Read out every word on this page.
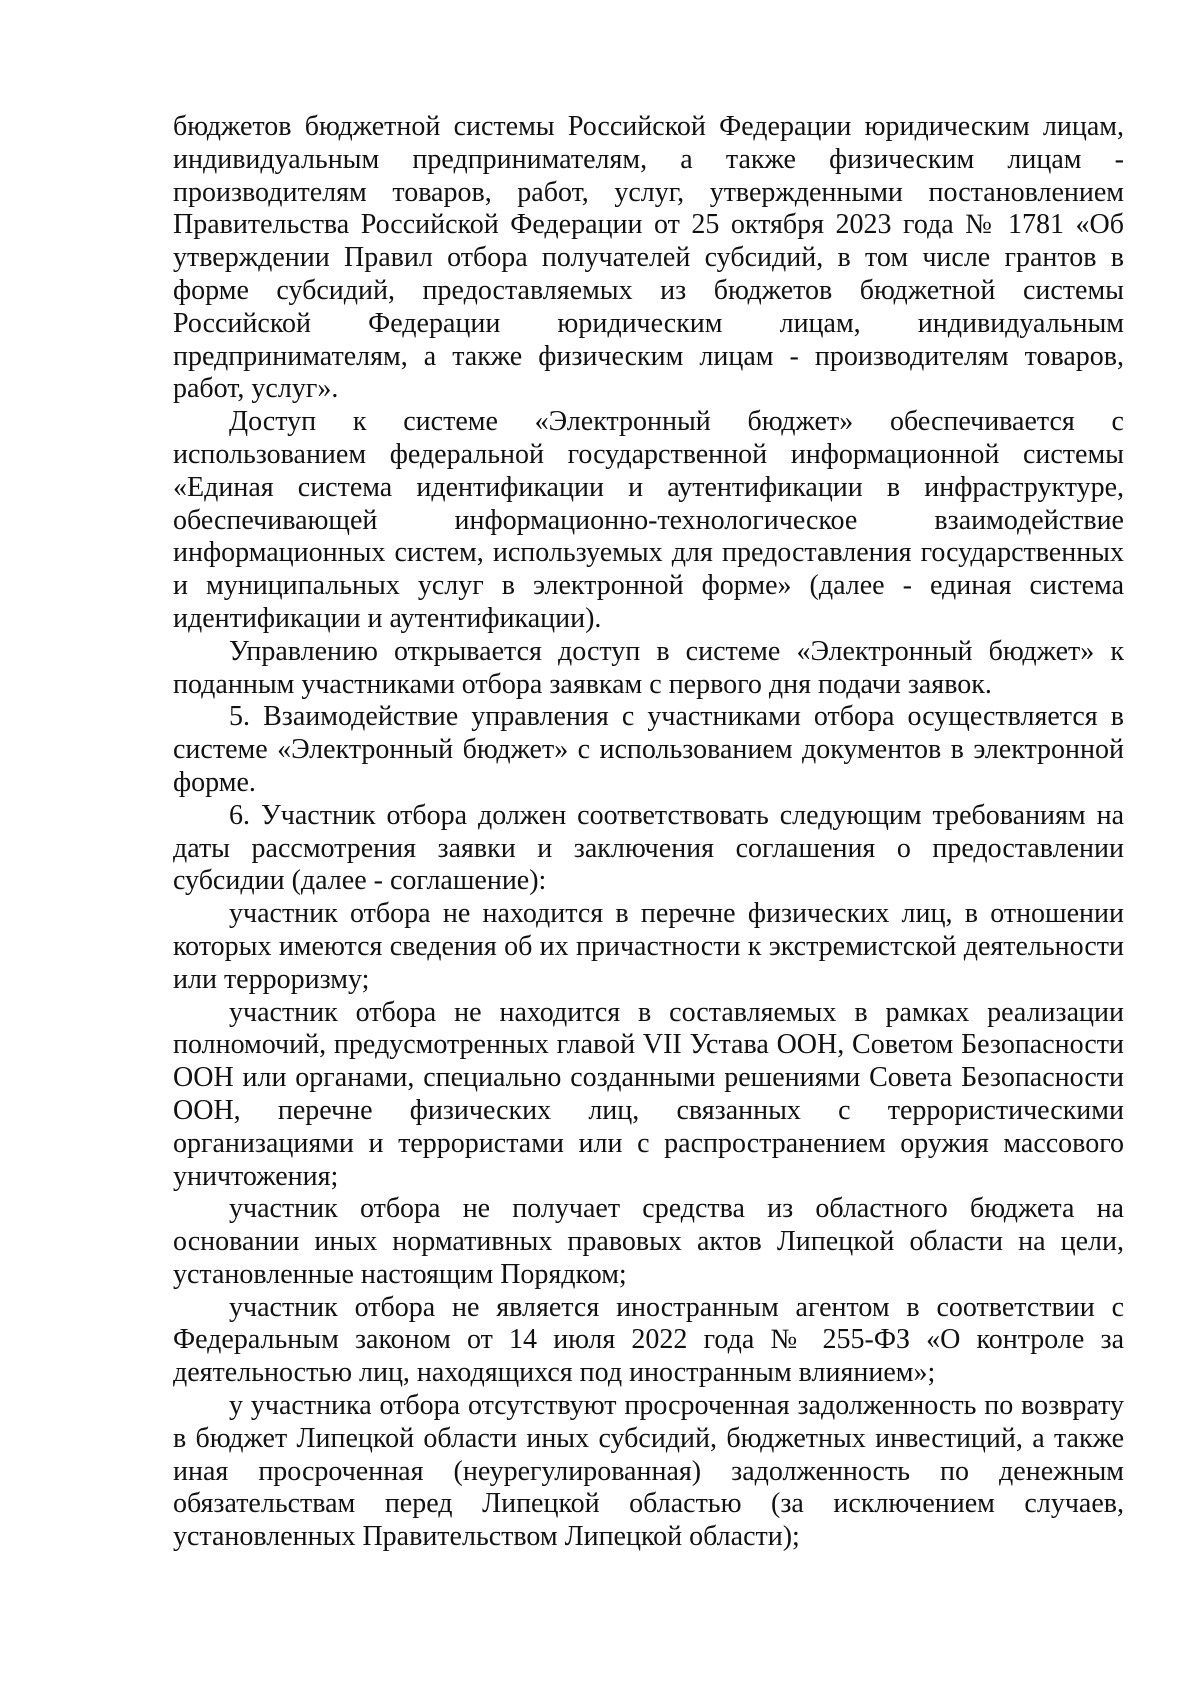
бюджетов бюджетной системы Российской Федерации юридическим лицам, индивидуальным предпринимателям, а также физическим лицам - производителям товаров, работ, услуг, утвержденными постановлением Правительства Российской Федерации от 25 октября 2023 года № 1781 «Об утверждении Правил отбора получателей субсидий, в том числе грантов в форме субсидий, предоставляемых из бюджетов бюджетной системы Российской Федерации юридическим лицам, индивидуальным предпринимателям, а также физическим лицам - производителям товаров, работ, услуг».

Доступ к системе «Электронный бюджет» обеспечивается с использованием федеральной государственной информационной системы «Единая система идентификации и аутентификации в инфраструктуре, обеспечивающей информационно-технологическое взаимодействие информационных систем, используемых для предоставления государственных и муниципальных услуг в электронной форме» (далее - единая система идентификации и аутентификации).

Управлению открывается доступ в системе «Электронный бюджет» к поданным участниками отбора заявкам с первого дня подачи заявок.

5. Взаимодействие управления с участниками отбора осуществляется в системе «Электронный бюджет» с использованием документов в электронной форме.

6. Участник отбора должен соответствовать следующим требованиям на даты рассмотрения заявки и заключения соглашения о предоставлении субсидии (далее - соглашение):

участник отбора не находится в перечне физических лиц, в отношении которых имеются сведения об их причастности к экстремистской деятельности или терроризму;

участник отбора не находится в составляемых в рамках реализации полномочий, предусмотренных главой VII Устава ООН, Советом Безопасности ООН или органами, специально созданными решениями Совета Безопасности ООН, перечне физических лиц, связанных с террористическими организациями и террористами или с распространением оружия массового уничтожения;

участник отбора не получает средства из областного бюджета на основании иных нормативных правовых актов Липецкой области на цели, установленные настоящим Порядком;

участник отбора не является иностранным агентом в соответствии с Федеральным законом от 14 июля 2022 года № 255-ФЗ «О контроле за деятельностью лиц, находящихся под иностранным влиянием»;

у участника отбора отсутствуют просроченная задолженность по возврату в бюджет Липецкой области иных субсидий, бюджетных инвестиций, а также иная просроченная (неурегулированная) задолженность по денежным обязательствам перед Липецкой областью (за исключением случаев, установленных Правительством Липецкой области);
